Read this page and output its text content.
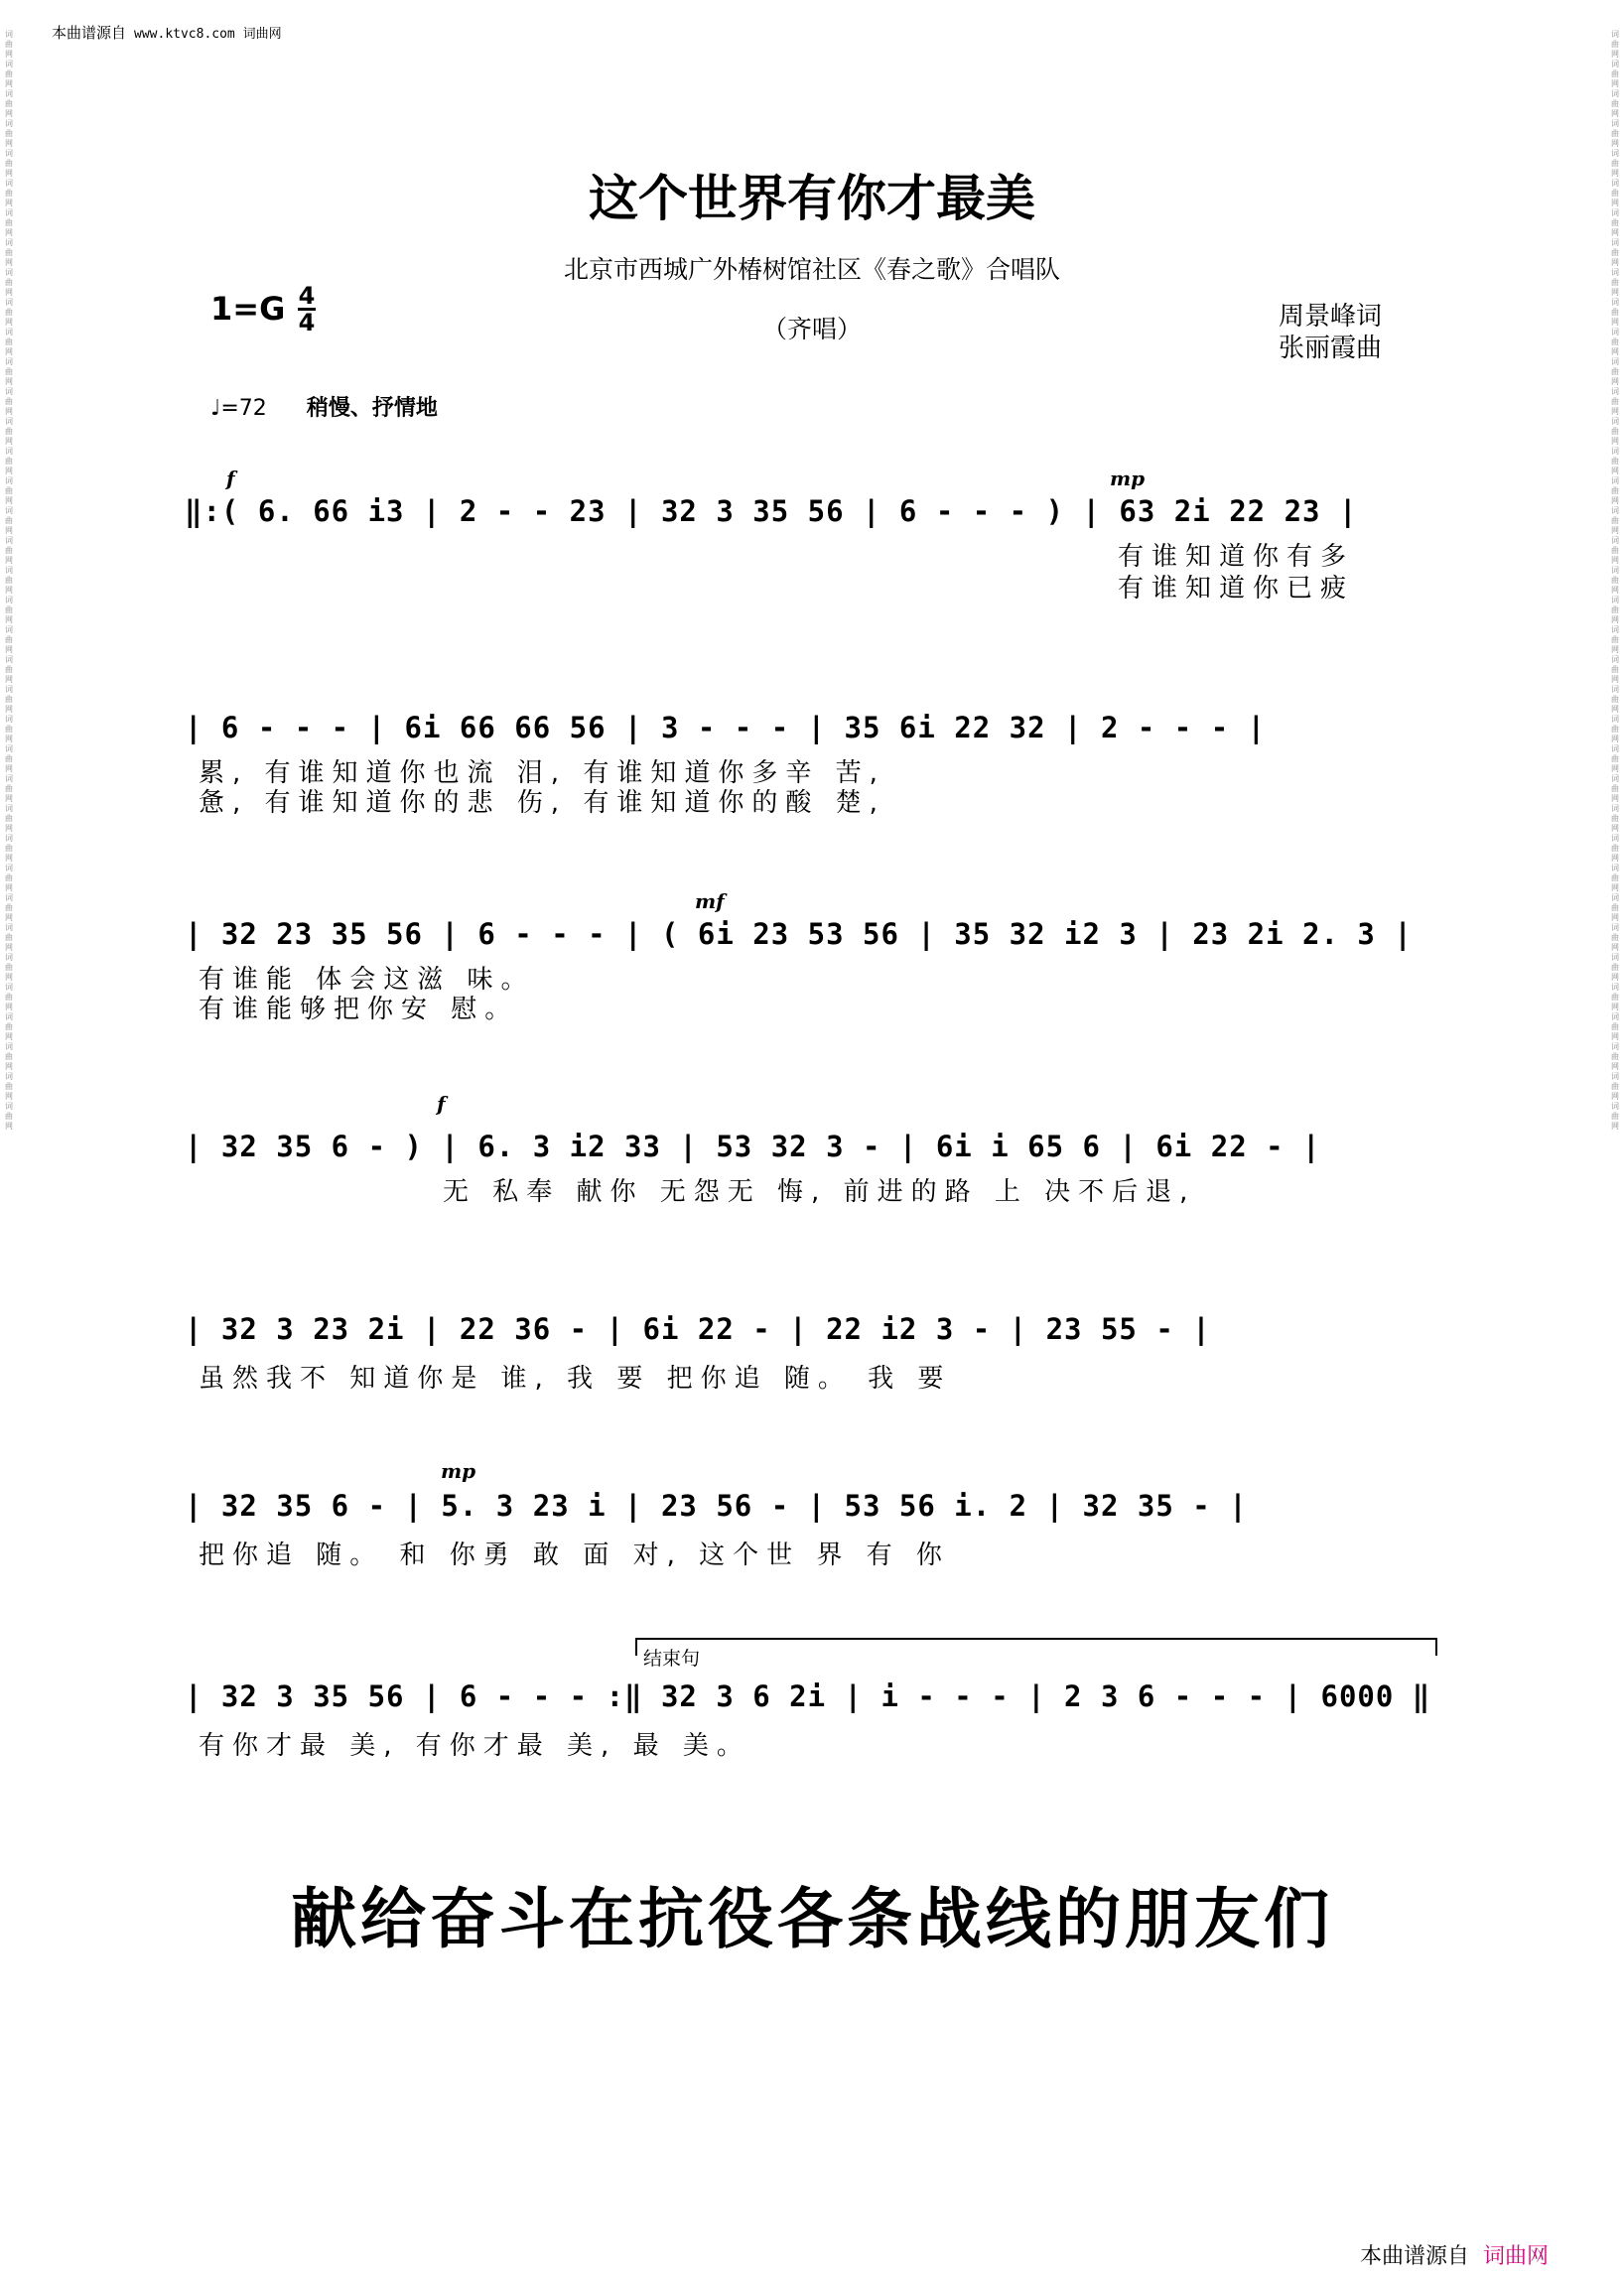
本曲谱源自 www.ktvc8.com 词曲网
词曲网词曲网词曲网词曲网词曲网词曲网词曲网词曲网词曲网词曲网词曲网词曲网词曲网词曲网词曲网词曲网词曲网词曲网词曲网词曲网词曲网词曲网词曲网词曲网词曲网词曲网词曲网词曲网词曲网词曲网词曲网词曲网词曲网词曲网词曲网词曲网词曲网
词曲网词曲网词曲网词曲网词曲网词曲网词曲网词曲网词曲网词曲网词曲网词曲网词曲网词曲网词曲网词曲网词曲网词曲网词曲网词曲网词曲网词曲网词曲网词曲网词曲网词曲网词曲网词曲网词曲网词曲网词曲网词曲网词曲网词曲网词曲网词曲网词曲网
这个世界有你才最美
北京市西城广外椿树馆社区《春之歌》合唱队
（齐唱）
1=G 4
4	周景峰词
张丽霞曲
♩=72 稍慢、抒情地
f	mp
mf
f
mp
‖:( 6. 66 i3 | 2 - - 23 | 32 3 35 56 | 6 - - - ) | 63 2i 22 23 |
有谁知道你有多
有谁知道你已疲
| 6 - - - | 6i 66 66 56 | 3 - - - | 35 6i 22 32 | 2 - - - |
累, 有谁知道你也流 泪, 有谁知道你多辛 苦,
惫, 有谁知道你的悲 伤, 有谁知道你的酸 楚,
| 32 23 35 56 | 6 - - - | ( 6i 23 53 56 | 35 32 i2 3 | 23 2i 2. 3 |
有谁能 体会这滋 味。
有谁能够把你安 慰。
| 32 35 6 - ) | 6. 3 i2 33 | 53 32 3 - | 6i i 65 6 | 6i 22 - |
无 私奉 献你 无怨无 悔, 前进的路 上 决不后退,
| 32 3 23 2i | 22 36 - | 6i 22 - | 22 i2 3 - | 23 55 - |
虽然我不 知道你是 谁, 我 要 把你追 随。 我 要
| 32 35 6 - | 5. 3 23 i | 23 56 - | 53 56 i. 2 | 32 35 - |
把你追 随。 和 你勇 敢 面 对, 这个世 界 有 你
结束句
| 32 3 35 56 | 6 - - - :‖ 32 3 6 2i | i - - - | 2 3 6 - - - | 6000 ‖
有你才最 美, 有你才最 美, 最 美。
献给奋斗在抗役各条战线的朋友们
本曲谱源自 词曲网
